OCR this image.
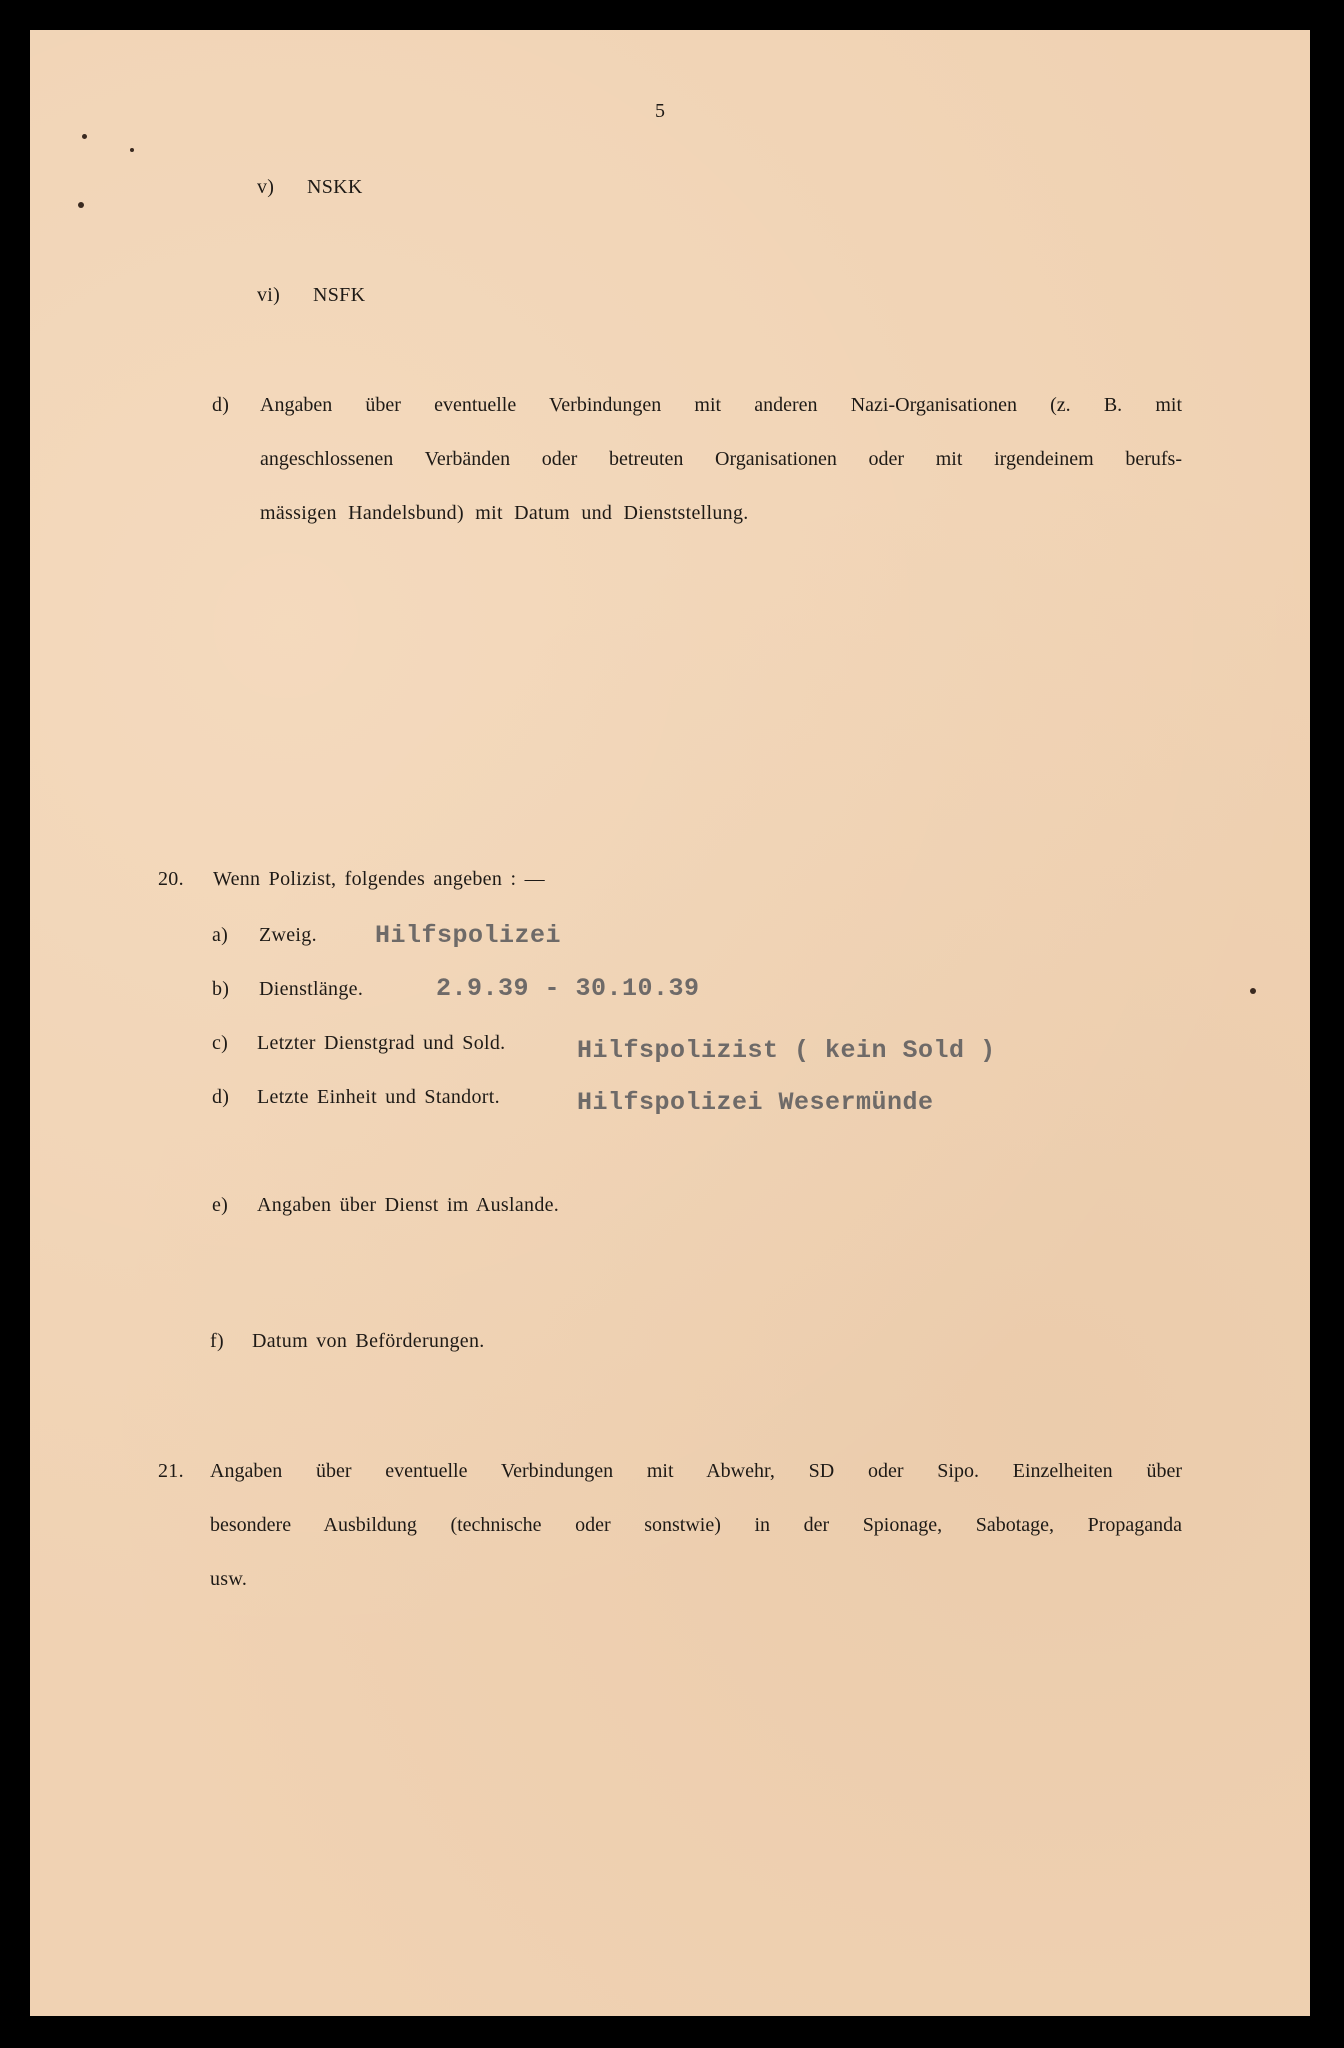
5
v) NSKK
vi) NSFK
d) Angaben über eventuelle Verbindungen mit anderen Nazi-Organisationen (z. B. mit
angeschlossenen Verbänden oder betreuten Organisationen oder mit irgendeinem berufs-
mässigen Handelsbund) mit Datum und Dienststellung.
20. Wenn Polizist, folgendes angeben : —
a) Zweig. Hilfspolizei
b) Dienstlänge.	2.9.39 - 30.10.39
c) Letzter Dienstgrad und Sold.	Hilfspolizist ( kein Sold )
d) Letzte Einheit und Standort.	Hilfspolizei Wesermünde
e) Angaben über Dienst im Auslande.
f) Datum von Beförderungen.
21. Angaben über eventuelle Verbindungen mit Abwehr, SD oder Sipo. Einzelheiten über
besondere Ausbildung (technische oder sonstwie) in der Spionage, Sabotage, Propaganda
usw.
